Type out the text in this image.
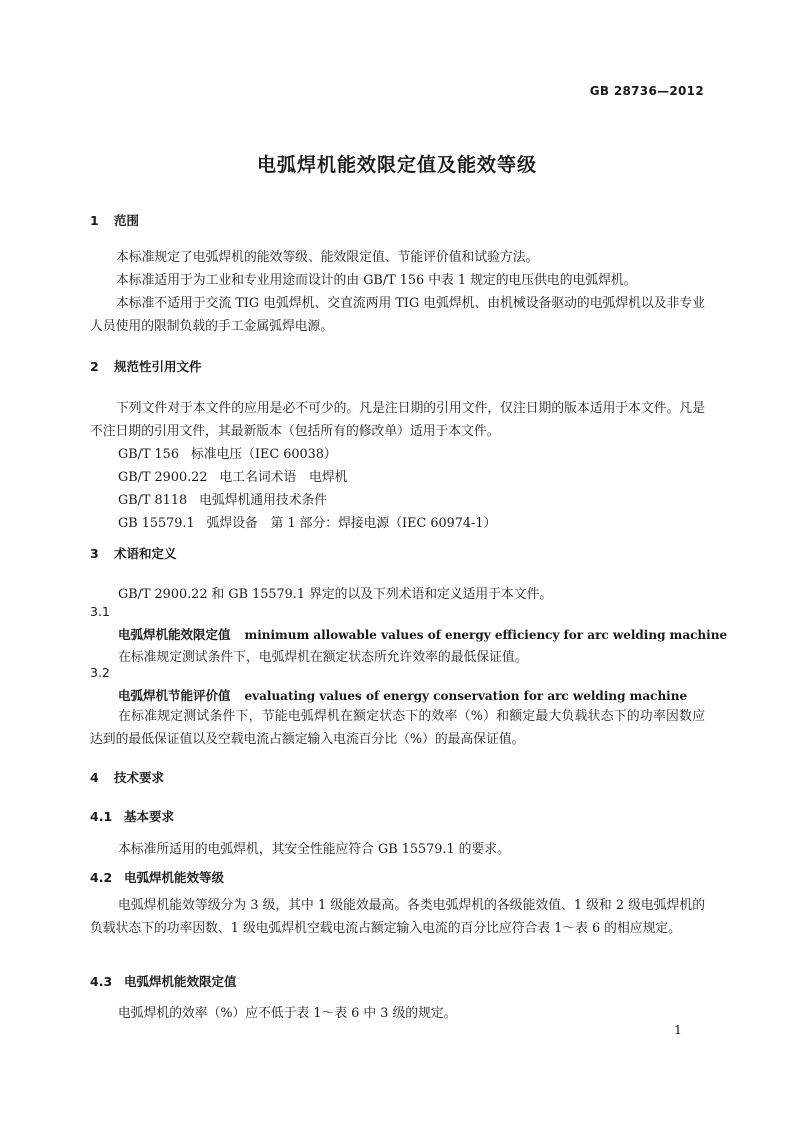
GB 28736—2012
电弧焊机能效限定值及能效等级
1 范围
本标准规定了电弧焊机的能效等级、能效限定值、节能评价值和试验方法。
本标准适用于为工业和专业用途而设计的由 GB/T 156 中表 1 规定的电压供电的电弧焊机。
本标准不适用于交流 TIG 电弧焊机、交直流两用 TIG 电弧焊机、由机械设备驱动的电弧焊机以及非专业人员使用的限制负载的手工金属弧焊电源。
2 规范性引用文件
下列文件对于本文件的应用是必不可少的。凡是注日期的引用文件，仅注日期的版本适用于本文件。凡是不注日期的引用文件，其最新版本（包括所有的修改单）适用于本文件。
GB/T 156 标准电压（IEC 60038）
GB/T 2900.22 电工名词术语　电焊机
GB/T 8118 电弧焊机通用技术条件
GB 15579.1 弧焊设备　第 1 部分：焊接电源（IEC 60974-1）
3 术语和定义
GB/T 2900.22 和 GB 15579.1 界定的以及下列术语和定义适用于本文件。
3.1
电弧焊机能效限定值 minimum allowable values of energy efficiency for arc welding machine
在标准规定测试条件下，电弧焊机在额定状态所允许效率的最低保证值。
3.2
电弧焊机节能评价值 evaluating values of energy conservation for arc welding machine
在标准规定测试条件下，节能电弧焊机在额定状态下的效率（%）和额定最大负载状态下的功率因数应达到的最低保证值以及空载电流占额定输入电流百分比（%）的最高保证值。
4 技术要求
4.1 基本要求
本标准所适用的电弧焊机，其安全性能应符合 GB 15579.1 的要求。
4.2 电弧焊机能效等级
电弧焊机能效等级分为 3 级，其中 1 级能效最高。各类电弧焊机的各级能效值、1 级和 2 级电弧焊机的负载状态下的功率因数、1 级电弧焊机空载电流占额定输入电流的百分比应符合表 1～表 6 的相应规定。
4.3 电弧焊机能效限定值
电弧焊机的效率（%）应不低于表 1～表 6 中 3 级的规定。
1
